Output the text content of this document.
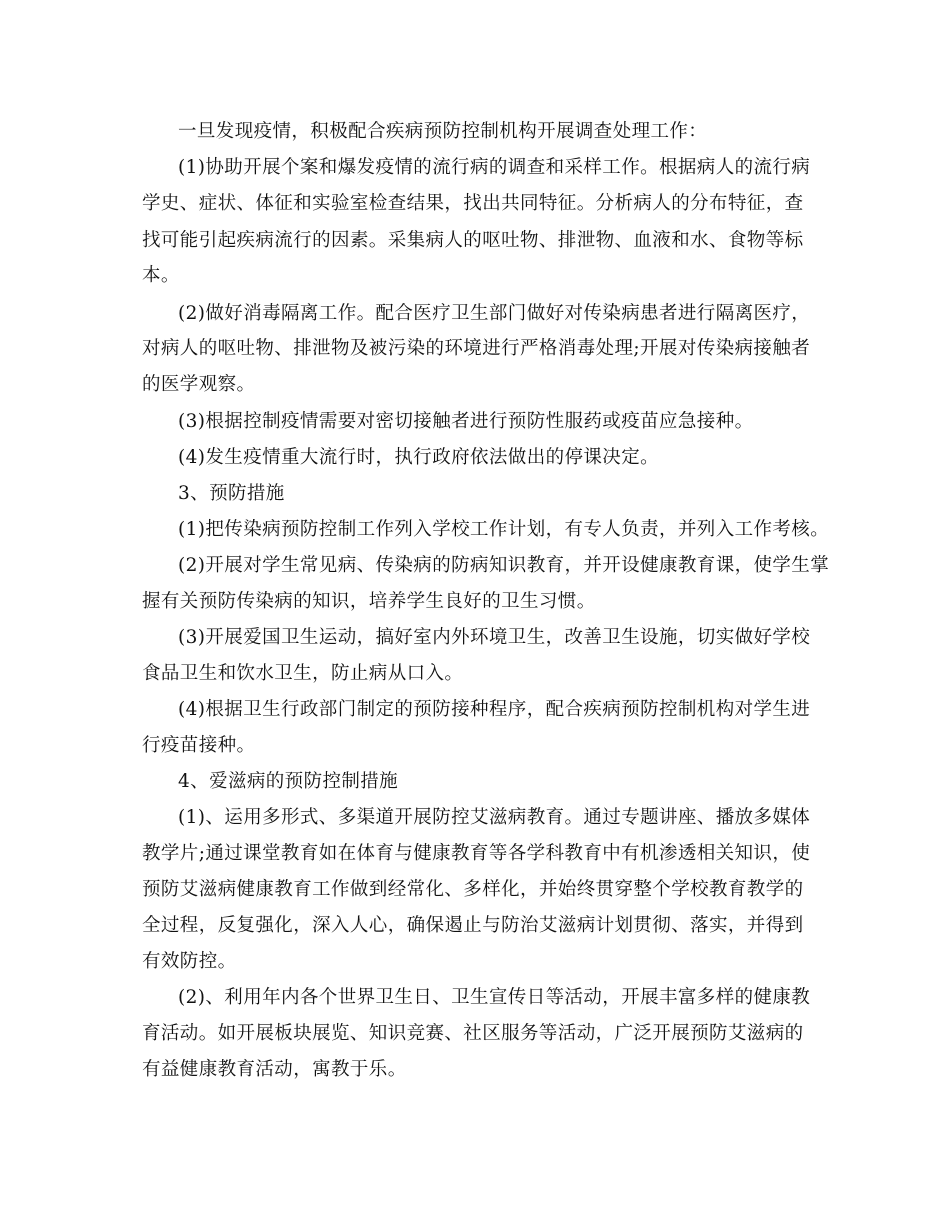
一旦发现疫情，积极配合疾病预防控制机构开展调查处理工作：
(1)协助开展个案和爆发疫情的流行病的调查和采样工作。根据病人的流行病
学史、症状、体征和实验室检查结果，找出共同特征。分析病人的分布特征，查
找可能引起疾病流行的因素。采集病人的呕吐物、排泄物、血液和水、食物等标
本。
(2)做好消毒隔离工作。配合医疗卫生部门做好对传染病患者进行隔离医疗，
对病人的呕吐物、排泄物及被污染的环境进行严格消毒处理;开展对传染病接触者
的医学观察。
(3)根据控制疫情需要对密切接触者进行预防性服药或疫苗应急接种。
(4)发生疫情重大流行时，执行政府依法做出的停课决定。
3、预防措施
(1)把传染病预防控制工作列入学校工作计划，有专人负责，并列入工作考核。
(2)开展对学生常见病、传染病的防病知识教育，并开设健康教育课，使学生掌
握有关预防传染病的知识，培养学生良好的卫生习惯。
(3)开展爱国卫生运动，搞好室内外环境卫生，改善卫生设施，切实做好学校
食品卫生和饮水卫生，防止病从口入。
(4)根据卫生行政部门制定的预防接种程序，配合疾病预防控制机构对学生进
行疫苗接种。
4、爱滋病的预防控制措施
(1)、运用多形式、多渠道开展防控艾滋病教育。通过专题讲座、播放多媒体
教学片;通过课堂教育如在体育与健康教育等各学科教育中有机渗透相关知识，使
预防艾滋病健康教育工作做到经常化、多样化，并始终贯穿整个学校教育教学的
全过程，反复强化，深入人心，确保遏止与防治艾滋病计划贯彻、落实，并得到
有效防控。
(2)、利用年内各个世界卫生日、卫生宣传日等活动，开展丰富多样的健康教
育活动。如开展板块展览、知识竞赛、社区服务等活动，广泛开展预防艾滋病的
有益健康教育活动，寓教于乐。
